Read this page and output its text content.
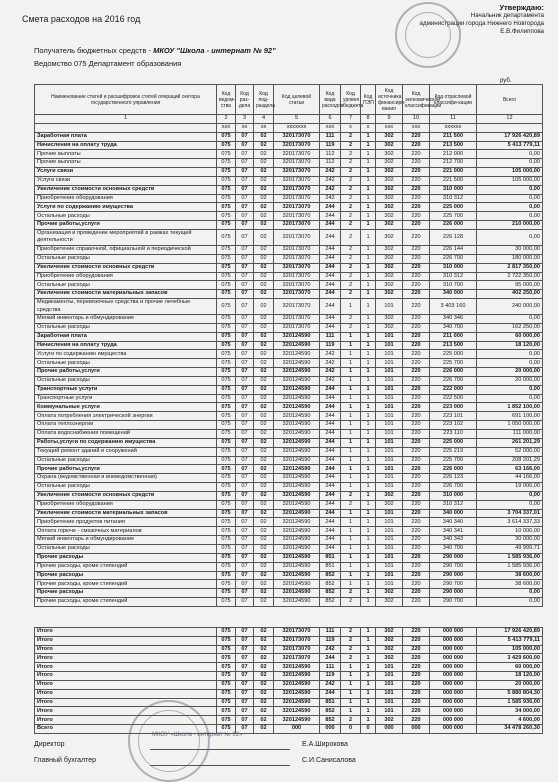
Смета расходов на 2016 год
Утверждаю:
Начальник департамента
администрации города Нижнего Новгорода
Е.В.Филиппова
Получатель бюджетных средств - МКОУ "Школа - интернат № 92"
Ведомство 075 Департамент образования
руб.
Наименование статей и расшифровок статей операций сектора государственного управления	Код ведом-ства	Код раз-дела	Код под-раздела	Код целевой статьи	Код вида расходов	Код уровня бюджета	Код ПЭП	Код источника финансиро-вания	Код экономической классификации	Код отраслевой классифи-кации	Всего
1	2	3	4	5	6	7	8	9	10	11	12
	ххх	хх	хх	ххххххх	ххх	х	х	ххх	ххх	хххххх	
Заработная плата	075	07	02	320173070	111	2	1	302	220	211 500	17 926 420,89
Начисления на оплату труда	075	07	02	320173070	119	2	1	302	220	213 500	5 413 779,11
Прочие выплаты	075	07	02	320173070	112	2	1	302	220	212 000	0,00
Прочие выплаты	075	07	02	320173070	112	2	1	302	220	212 700	0,00
Услуги связи	075	07	02	320173070	242	2	1	302	220	221 000	105 000,00
Услуги связи	075	07	02	320173070	242	2	1	302	220	221 500	105 000,00
Увеличение стоимости основных средств	075	07	02	320173070	242	2	1	302	220	310 000	0,00
Приобретение оборудования	075	07	02	320173070	242	2	1	302	220	310 312	0,00
Услуги по содержанию имущества	075	07	02	320173070	244	2	1	302	220	225 000	0,00
Остальные расходы	075	07	02	320173070	244	2	1	302	220	225 700	0,00
Прочие работы,услуги	075	07	02	320173070	244	2	1	302	220	226 000	210 000,00
Организация и проведение мероприятий в рамках текущей деятельности	075	07	02	320173070	244	2	1	302	220	226 128	0,00
Приобретение справочной, официальной и периодической	075	07	02	320173070	244	2	1	302	220	226 144	30 000,00
Остальные расходы	075	07	02	320173070	244	2	1	302	220	226 700	180 000,00
Увеличение стоимости основных средств	075	07	02	320173070	244	2	1	302	220	310 000	2 817 350,00
Приобретение оборудования	075	07	02	320173070	244	2	1	302	220	310 312	2 722 350,00
Остальные расходы	075	07	02	320173070	244	2	1	302	220	310 700	95 000,00
Увеличение стоимости материальных запасов	075	07	02	320173070	244	2	1	302	220	340 000	402 250,00
Медикаменты, перевязочные средства и прочие лечебные средства	075	07	02	320173070	244	1	1	101	220	3 403 160	240 000,00
Мягкий инвентарь и обмундирование	075	07	02	320173070	244	2	1	302	220	340 346	0,00
Остальные расходы	075	07	02	320173070	244	2	1	302	220	340 700	162 250,00
Заработная плата	075	07	02	320124590	111	1	1	101	220	211 000	60 000,00
Начисления на оплату труда	075	07	02	320124590	119	1	1	101	220	213 500	18 120,00
Услуги по содержанию имущества	075	07	02	320124590	242	1	1	101	220	225 000	0,00
Остальные расходы	075	07	02	320124590	242	1	1	101	220	225 700	0,00
Прочие работы,услуги	075	07	02	320124590	242	1	1	101	220	226 000	20 000,00
Остальные расходы	075	07	02	320124590	242	1	1	101	220	226 700	20 000,00
Транспортные услуги	075	07	02	320124590	244	1	1	101	220	222 000	0,00
Транспортные услуги	075	07	02	320124590	244	1	1	101	220	222 500	0,00
Коммунальные услуги	075	07	02	320124590	244	1	1	101	220	223 000	1 852 100,00
Оплата потребления электрической энергии	075	07	02	320124590	244	1	1	101	220	223 101	691 100,00
Оплата теплоэнергии	075	07	02	320124590	244	1	1	101	220	223 102	1 050 000,00
Оплата водоснабжения помещений	075	07	02	320124590	244	1	1	101	220	223 110	111 000,00
Работы,услуги по содержанию имущества	075	07	02	320124590	244	1	1	101	220	225 000	261 201,29
Текущий ремонт зданий и сооружений	075	07	02	320124590	244	1	1	101	220	225 219	52 000,00
Остальные расходы	075	07	02	320124590	244	1	1	101	220	225 700	208 201,29
Прочие работы,услуги	075	07	02	320124590	244	1	1	101	220	226 000	63 166,00
Охрана (ведомственная и вневедомственная)	075	07	02	320124590	244	1	1	101	220	226 123	44 166,00
Остальные расходы	075	07	02	320124590	244	1	1	101	220	226 700	19 000,00
Увеличение стоимости основных средств	075	07	02	320124590	244	2	1	302	220	310 000	0,00
Приобретение оборудования	075	07	02	320124590	244	2	1	302	220	310 312	0,00
Увеличение стоимости материальных запасов	075	07	02	320124590	244	1	1	101	220	340 000	3 704 337,01
Приобретение продуктов питания	075	07	02	320124590	244	1	1	101	220	340 340	3 614 337,33
Оплата горюче - смазочных материалов	075	07	02	320124590	244	1	1	101	220	340 341	10 000,00
Мягкий инвентарь и обмундирование	075	07	02	320124590	244	1	1	101	220	340 343	30 000,00
Остальные расходы	075	07	02	320124590	244	1	1	101	220	340 700	49 999,71
Прочие расходы	075	07	02	320124590	851	1	1	101	220	290 000	1 585 936,00
Прочие расходы, кроме стипендий	075	07	02	320124590	851	1	1	101	220	290 700	1 585 936,00
Прочие расходы	075	07	02	320124590	852	1	1	101	220	290 000	38 600,00
Прочие расходы, кроме стипендий	075	07	02	320124590	852	1	1	101	220	290 700	38 600,00
Прочие расходы	075	07	02	320124590	852	2	1	302	220	290 000	0,00
Прочие расходы, кроме стипендий	075	07	02	320124590	852	2	1	302	220	290 700	0,00

Итого	075	07	02	320173070	111	2	1	302	220	000 000	17 926 420,89
Итого	075	07	02	320173070	119	2	1	302	220	000 000	5 413 779,11
Итого	075	07	02	320173070	242	2	1	302	220	000 000	105 000,00
Итого	075	07	02	320173070	244	2	1	302	220	000 000	3 429 600,00
Итого	075	07	02	320124590	111	1	1	101	220	000 000	60 000,00
Итого	075	07	02	320124590	119	1	1	101	220	000 000	18 120,00
Итого	075	07	02	320124590	242	1	1	101	220	000 000	20 000,00
Итого	075	07	02	320124590	244	1	1	101	220	000 000	5 880 804,30
Итого	075	07	02	320124590	851	1	1	101	220	000 000	1 585 936,00
Итого	075	07	02	320124590	852	1	1	101	220	000 000	34 000,00
Итого	075	07	02	320124590	852	2	1	302	220	000 000	4 600,00
Всего	075	07	02	000	000	0	0	000	000	000 000	34 478 260,30
МКОУ «Школа - интернат № 92»
Директор	Е.А.Широкова
Главный бухгалтер	С.И.Санисалова
